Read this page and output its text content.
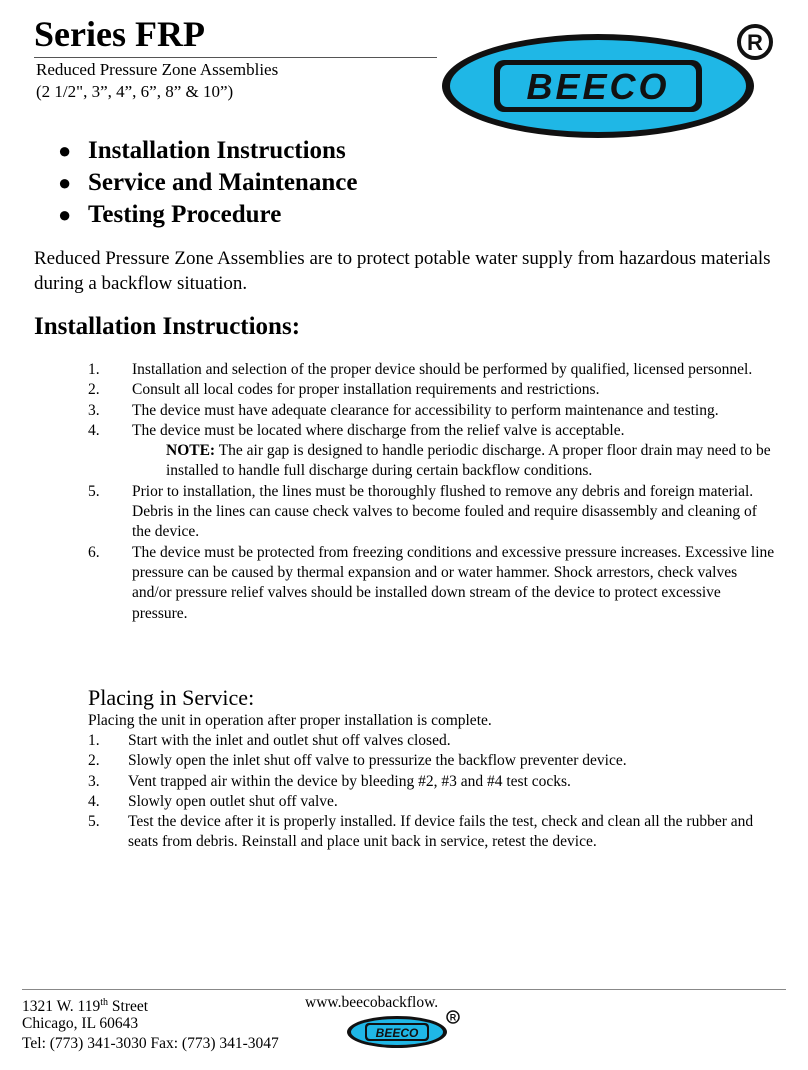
Series FRP
Reduced Pressure Zone Assemblies
(2 1/2", 3”, 4”, 6”, 8” & 10”)	BEECO
R
● Installation Instructions
● Service and Maintenance
● Testing Procedure
Reduced Pressure Zone Assemblies are to protect potable water supply from hazardous materials during a backflow situation.
Installation Instructions:
1. Installation and selection of the proper device should be performed by qualified, licensed personnel.
2. Consult all local codes for proper installation requirements and restrictions.
3. The device must have adequate clearance for accessibility to perform maintenance and testing.
4. The device must be located where discharge from the relief valve is acceptable.
NOTE: The air gap is designed to handle periodic discharge. A proper floor drain may need to be installed to handle full discharge during certain backflow conditions.
5. Prior to installation, the lines must be thoroughly flushed to remove any debris and foreign material. Debris in the lines can cause check valves to become fouled and require disassembly and cleaning of the device.
6. The device must be protected from freezing conditions and excessive pressure increases. Excessive line pressure can be caused by thermal expansion and or water hammer. Shock arrestors, check valves and/or pressure relief valves should be installed down stream of the device to protect excessive pressure.
Placing in Service:
Placing the unit in operation after proper installation is complete.
1. Start with the inlet and outlet shut off valves closed.
2. Slowly open the inlet shut off valve to pressurize the backflow preventer device.
3. Vent trapped air within the device by bleeding #2, #3 and #4 test cocks.
4. Slowly open outlet shut off valve.
5. Test the device after it is properly installed. If device fails the test, check and clean all the rubber and seats from debris. Reinstall and place unit back in service, retest the device.
1321 W. 119th Street
Chicago, IL 60643
Tel: (773) 341-3030 Fax: (773) 341-3047
www.beecobackflow.
BEECO
R
